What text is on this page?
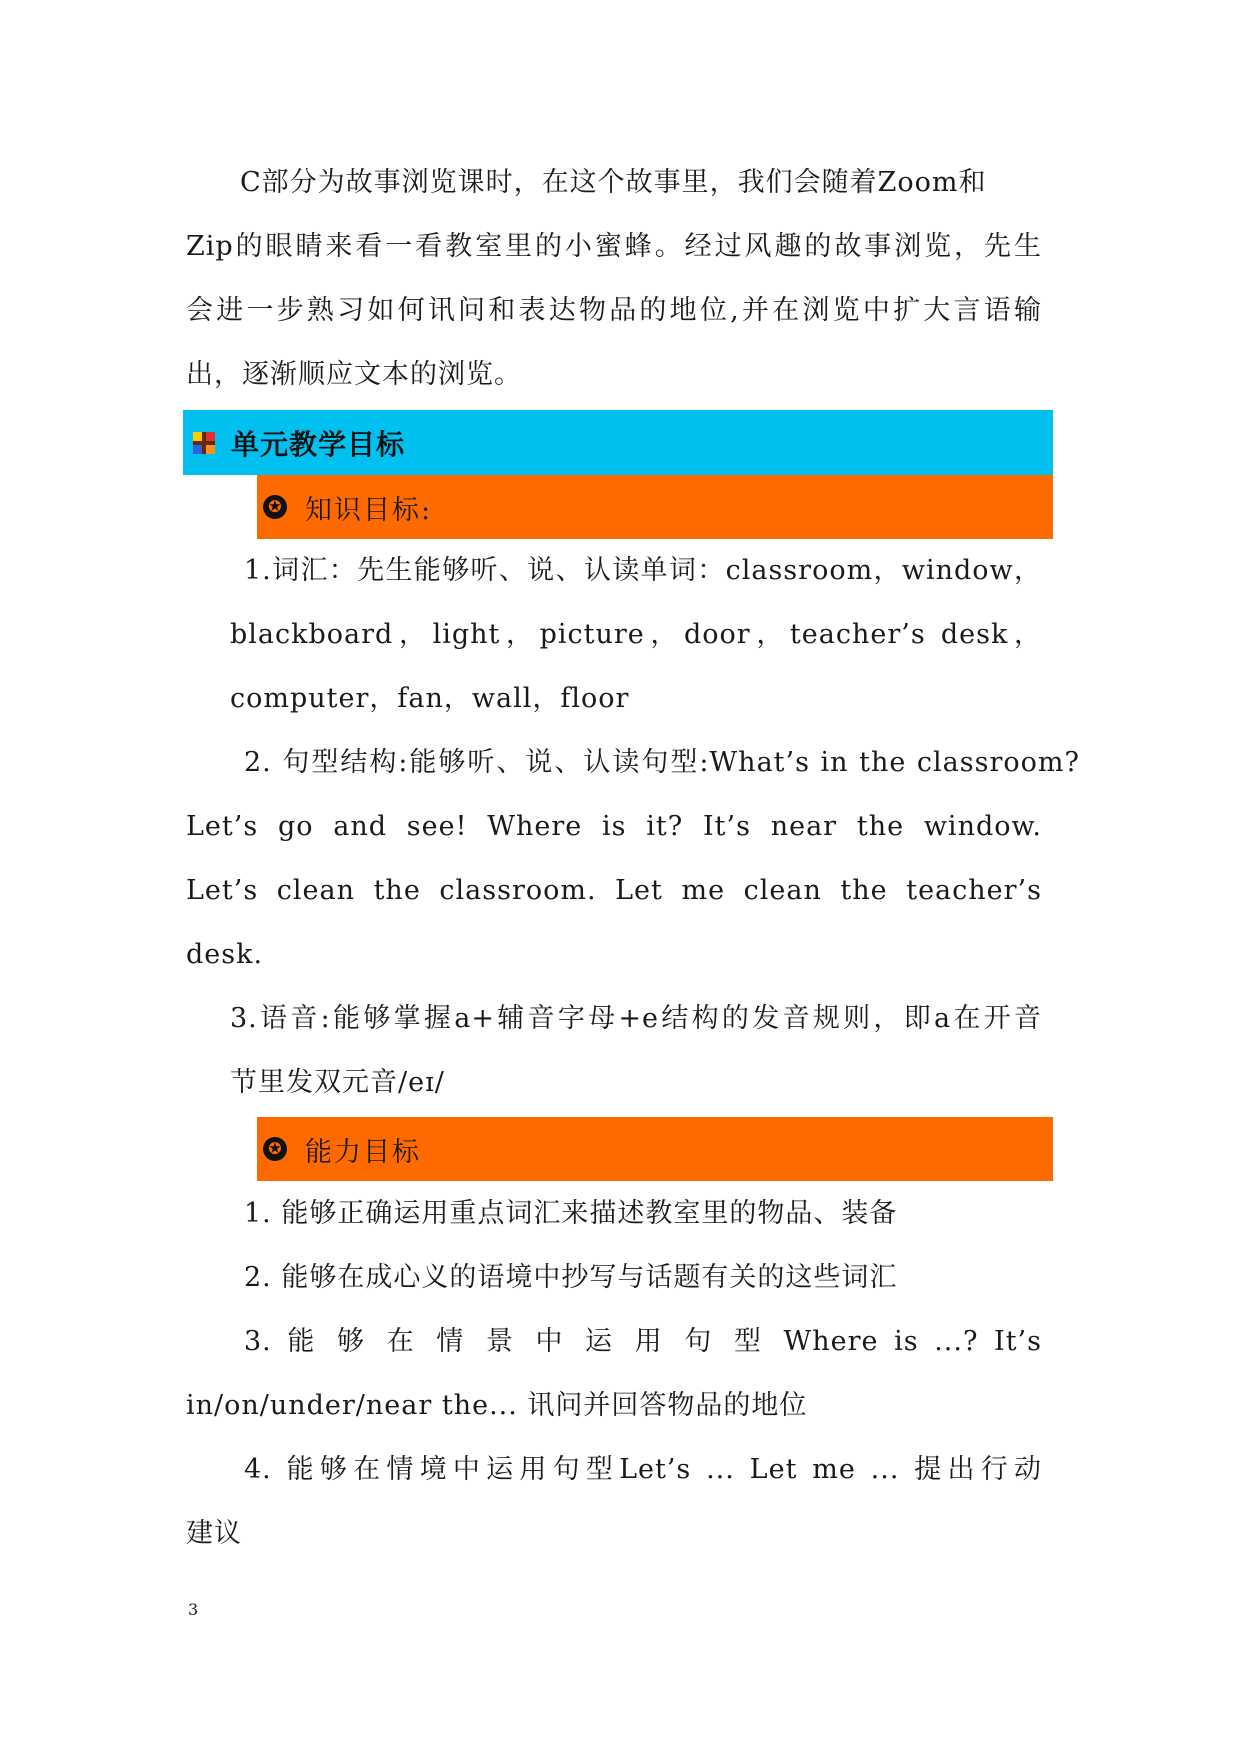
C部分为故事浏览课时，在这个故事里，我们会随着Zoom和
Zip的眼睛来看一看教室里的小蜜蜂。经过风趣的故事浏览，先生
会进一步熟习如何讯问和表达物品的地位,并在浏览中扩大言语输
出，逐渐顺应文本的浏览。
单元教学目标
✪ 知识目标:
1.词汇：先生能够听、说、认读单词：classroom，window，
blackboard，light，picture，door，teacher’s desk，
computer，fan，wall，floor
2. 句型结构:能够听、说、认读句型:What’s in the classroom?
Let’s go and see! Where is it? It’s near the window.
Let’s clean the classroom. Let me clean the teacher’s
desk.
3.语音:能够掌握a+辅音字母+e结构的发音规则，即a在开音
节里发双元音/eɪ/
✪ 能力目标
1. 能够正确运用重点词汇来描述教室里的物品、装备
2. 能够在成心义的语境中抄写与话题有关的这些词汇
3. 能 够 在 情 景 中 运 用 句 型 Where is ...? It’s
in/on/under/near the... 讯问并回答物品的地位
4. 能够在情境中运用句型Let’s ... Let me ... 提出行动
建议
3
